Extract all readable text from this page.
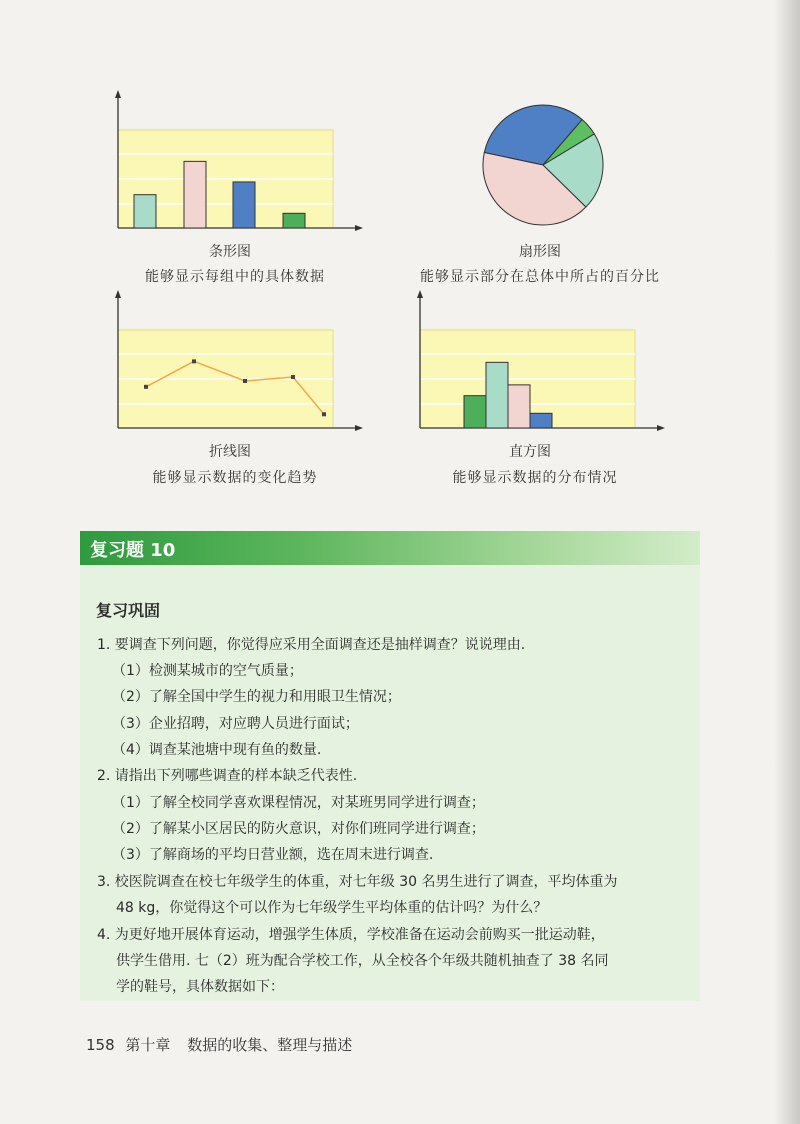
条形图
能够显示每组中的具体数据
扇形图
能够显示部分在总体中所占的百分比
折线图
能够显示数据的变化趋势
直方图
能够显示数据的分布情况
复习题 10
复习巩固
1. 要调查下列问题，你觉得应采用全面调查还是抽样调查？说说理由.
（1）检测某城市的空气质量；
（2）了解全国中学生的视力和用眼卫生情况；
（3）企业招聘，对应聘人员进行面试；
（4）调查某池塘中现有鱼的数量.
2. 请指出下列哪些调查的样本缺乏代表性.
（1）了解全校同学喜欢课程情况，对某班男同学进行调查；
（2）了解某小区居民的防火意识，对你们班同学进行调查；
（3）了解商场的平均日营业额，选在周末进行调查.
3. 校医院调查在校七年级学生的体重，对七年级 30 名男生进行了调查，平均体重为
48 kg，你觉得这个可以作为七年级学生平均体重的估计吗？为什么？
4. 为更好地开展体育运动，增强学生体质，学校准备在运动会前购买一批运动鞋，
供学生借用. 七（2）班为配合学校工作，从全校各个年级共随机抽查了 38 名同
学的鞋号，具体数据如下：
158 第十章 数据的收集、整理与描述
